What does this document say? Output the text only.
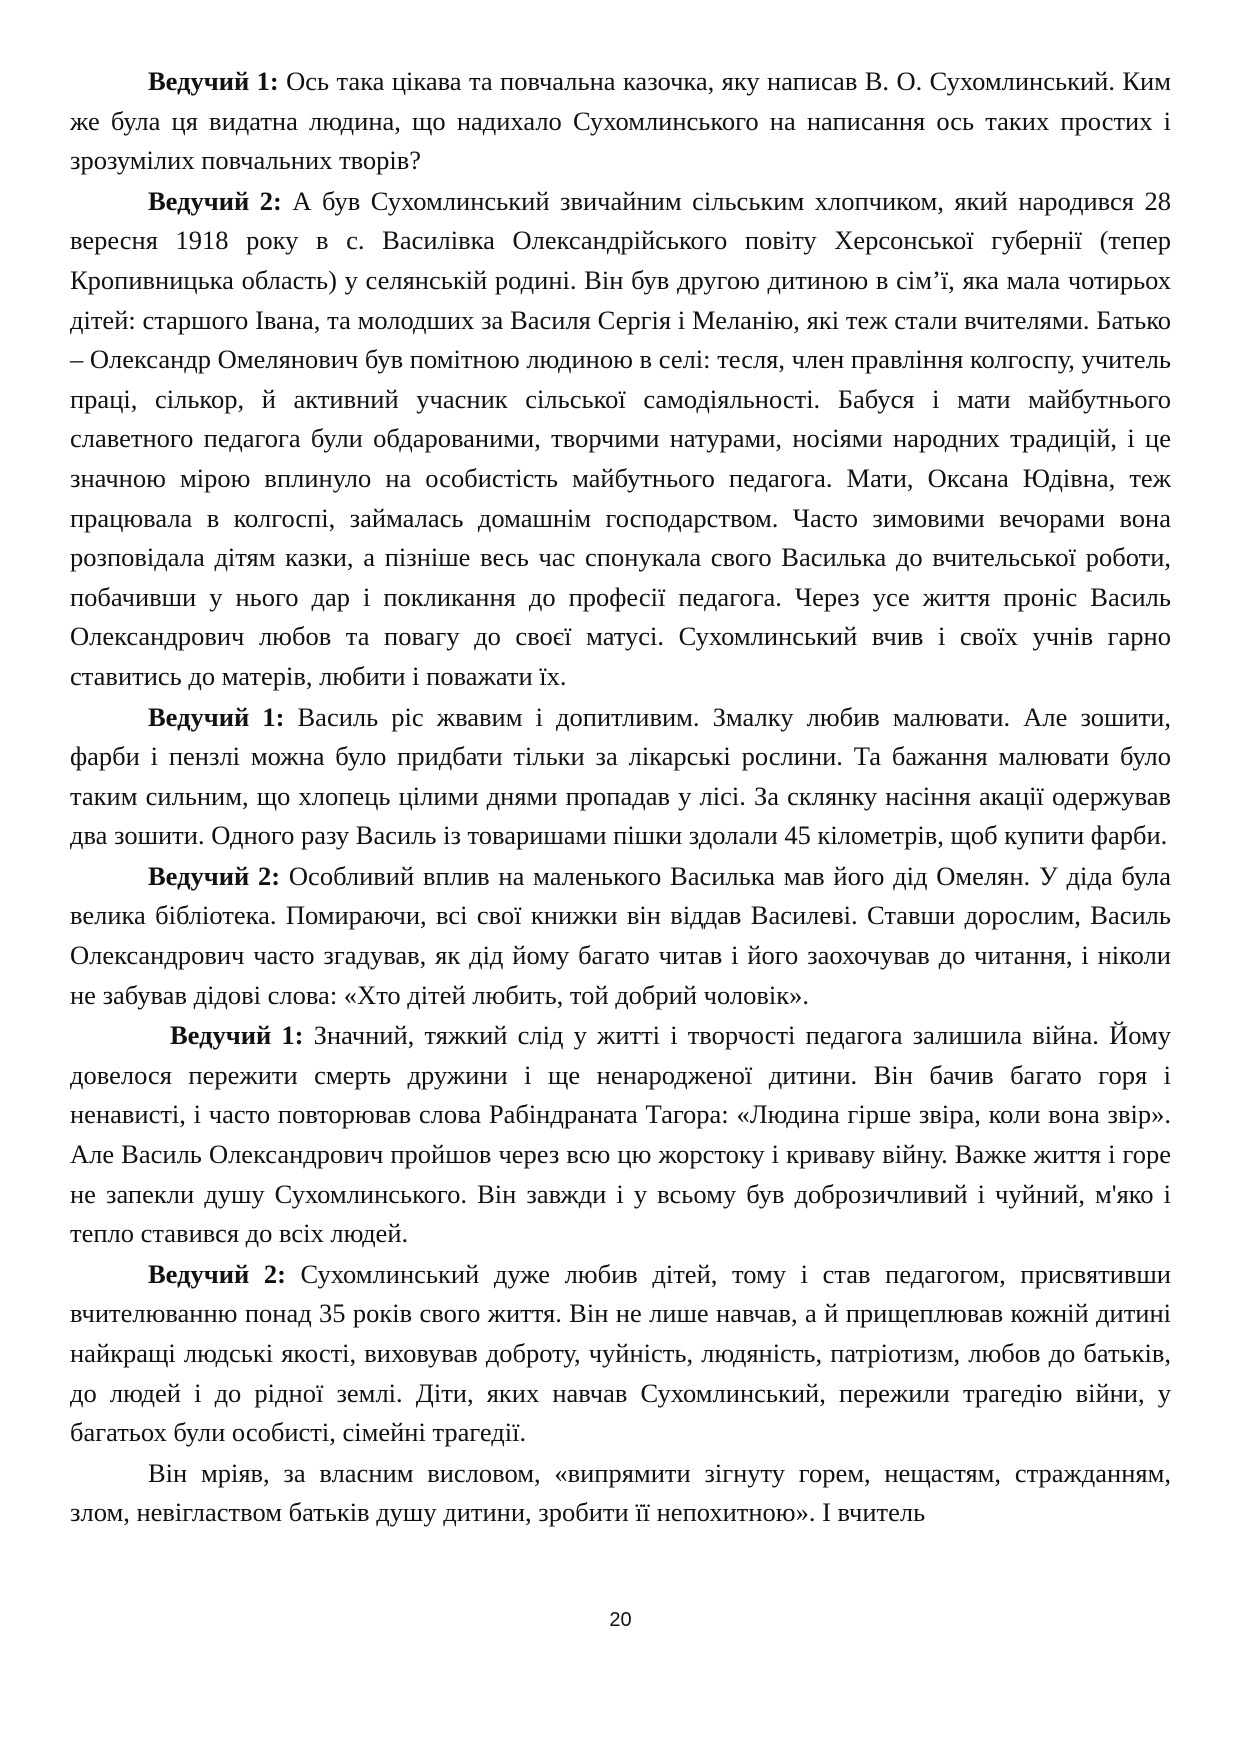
Ведучий 1: Ось така цікава та повчальна казочка, яку написав В. О. Сухомлинський. Ким же була ця видатна людина, що надихало Сухомлинського на написання ось таких простих і зрозумілих повчальних творів?

Ведучий 2: А був Сухомлинський звичайним сільським хлопчиком, який народився 28 вересня 1918 року в с. Василівка Олександрійського повіту Херсонської губернії (тепер Кропивницька область) у селянській родині. Він був другою дитиною в сім’ї, яка мала чотирьох дітей: старшого Івана, та молодших за Василя Сергія і Меланію, які теж стали вчителями. Батько – Олександр Омелянович був помітною людиною в селі: тесля, член правління колгоспу, учитель праці, сількор, й активний учасник сільської самодіяльності. Бабуся і мати майбутнього славетного педагога були обдарованими, творчими натурами, носіями народних традицій, і це значною мірою вплинуло на особистість майбутнього педагога. Мати, Оксана Юдівна, теж працювала в колгоспі, займалась домашнім господарством. Часто зимовими вечорами вона розповідала дітям казки, а пізніше весь час спонукала свого Василька до вчительської роботи, побачивши у нього дар і покликання до професії педагога. Через усе життя проніс Василь Олександрович любов та повагу до своєї матусі. Сухомлинський вчив і своїх учнів гарно ставитись до матерів, любити і поважати їх.

Ведучий 1: Василь ріс жвавим і допитливим. Змалку любив малювати. Але зошити, фарби і пензлі можна було придбати тільки за лікарські рослини. Та бажання малювати було таким сильним, що хлопець цілими днями пропадав у лісі. За склянку насіння акації одержував два зошити. Одного разу Василь із товаришами пішки здолали 45 кілометрів, щоб купити фарби.

Ведучий 2: Особливий вплив на маленького Василька мав його дід Омелян. У діда була велика бібліотека. Помираючи, всі свої книжки він віддав Василеві. Ставши дорослим, Василь Олександрович часто згадував, як дід йому багато читав і його заохочував до читання, і ніколи не забував дідові слова: «Хто дітей любить, той добрий чоловік».

Ведучий 1: Значний, тяжкий слід у житті і творчості педагога залишила війна. Йому довелося пережити смерть дружини і ще ненародженої дитини. Він бачив багато горя і ненависті, і часто повторював слова Рабіндраната Тагора: «Людина гірше звіра, коли вона звір». Але Василь Олександрович пройшов через всю цю жорстоку і криваву війну. Важке життя і горе не запекли душу Сухомлинського. Він завжди і у всьому був доброзичливий і чуйний, м'яко і тепло ставився до всіх людей.

Ведучий 2: Сухомлинський дуже любив дітей, тому і став педагогом, присвятивши вчителюванню понад 35 років свого життя. Він не лише навчав, а й прищеплював кожній дитині найкращі людські якості, виховував доброту, чуйність, людяність, патріотизм, любов до батьків, до людей і до рідної землі. Діти, яких навчав Сухомлинський, пережили трагедію війни, у багатьох були особисті, сімейні трагедії.

Він мріяв, за власним висловом, «випрямити зігнуту горем, нещастям, стражданням, злом, невіглаством батьків душу дитини, зробити її непохитною». І вчитель

20
